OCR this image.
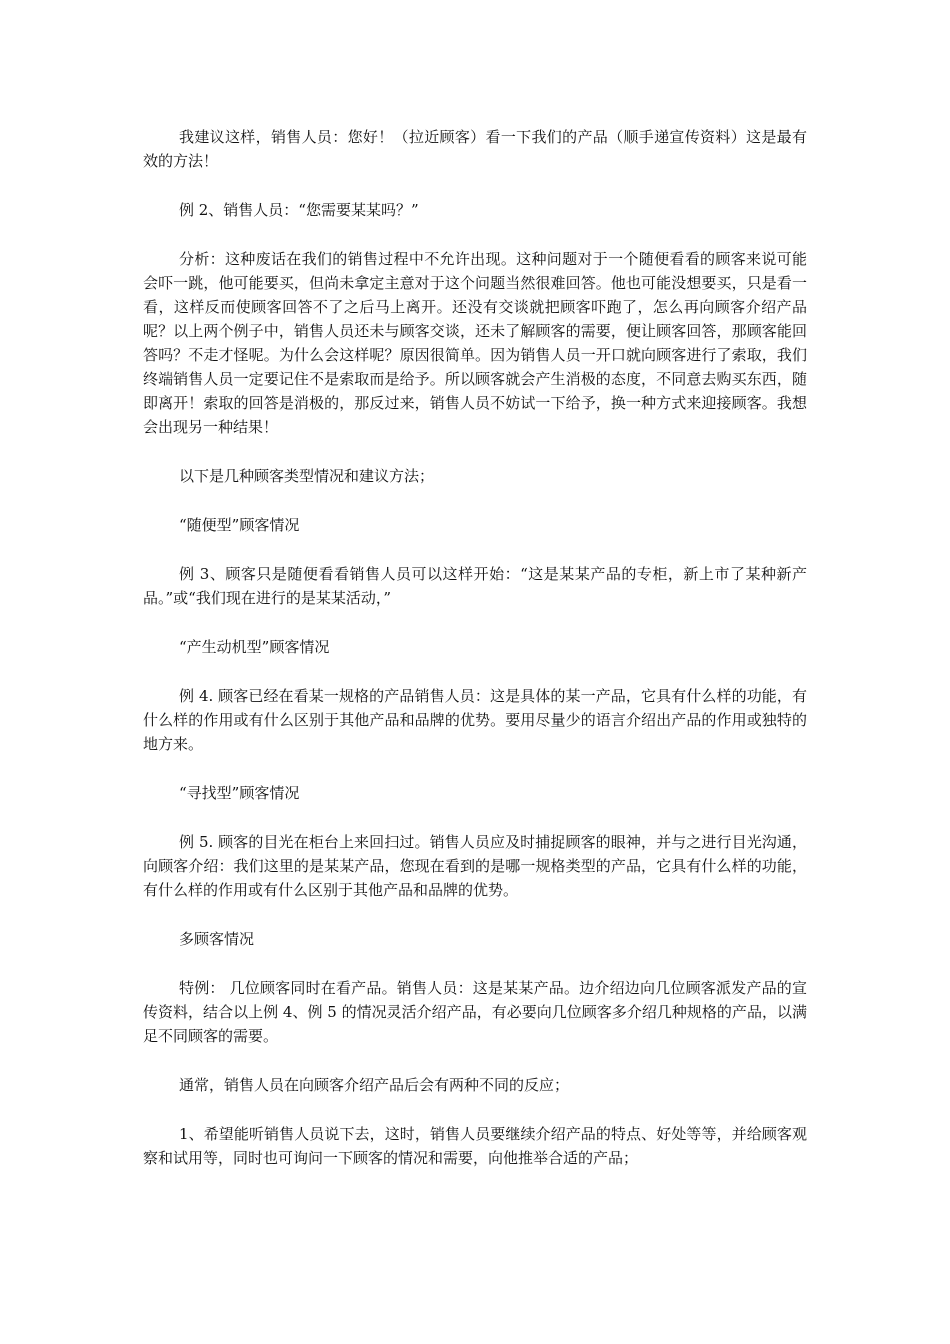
我建议这样，销售人员：您好！（拉近顾客）看一下我们的产品（顺手递宣传资料）这是最有效的方法！

例 2、销售人员：“您需要某某吗？”

分析：这种废话在我们的销售过程中不允许出现。这种问题对于一个随便看看的顾客来说可能会吓一跳，他可能要买，但尚未拿定主意对于这个问题当然很难回答。他也可能没想要买，只是看一看，这样反而使顾客回答不了之后马上离开。还没有交谈就把顾客吓跑了，怎么再向顾客介绍产品呢？以上两个例子中，销售人员还未与顾客交谈，还未了解顾客的需要，便让顾客回答，那顾客能回答吗？不走才怪呢。为什么会这样呢？原因很简单。因为销售人员一开口就向顾客进行了索取，我们终端销售人员一定要记住不是索取而是给予。所以顾客就会产生消极的态度，不同意去购买东西，随即离开！索取的回答是消极的，那反过来，销售人员不妨试一下给予，换一种方式来迎接顾客。我想会出现另一种结果！

以下是几种顾客类型情况和建议方法；

“随便型”顾客情况

例 3、顾客只是随便看看销售人员可以这样开始：“这是某某产品的专柜，新上市了某种新产品。”或“我们现在进行的是某某活动，”

“产生动机型”顾客情况

例 4. 顾客已经在看某一规格的产品销售人员：这是具体的某一产品，它具有什么样的功能，有什么样的作用或有什么区别于其他产品和品牌的优势。要用尽量少的语言介绍出产品的作用或独特的地方来。

“寻找型”顾客情况

例 5. 顾客的目光在柜台上来回扫过。销售人员应及时捕捉顾客的眼神，并与之进行目光沟通，向顾客介绍：我们这里的是某某产品，您现在看到的是哪一规格类型的产品，它具有什么样的功能，有什么样的作用或有什么区别于其他产品和品牌的优势。

多顾客情况

特例： 几位顾客同时在看产品。销售人员：这是某某产品。边介绍边向几位顾客派发产品的宣传资料，结合以上例 4、例 5 的情况灵活介绍产品，有必要向几位顾客多介绍几种规格的产品，以满足不同顾客的需要。

通常，销售人员在向顾客介绍产品后会有两种不同的反应；

1、希望能听销售人员说下去，这时，销售人员要继续介绍产品的特点、好处等等，并给顾客观察和试用等，同时也可询问一下顾客的情况和需要，向他推举合适的产品；
